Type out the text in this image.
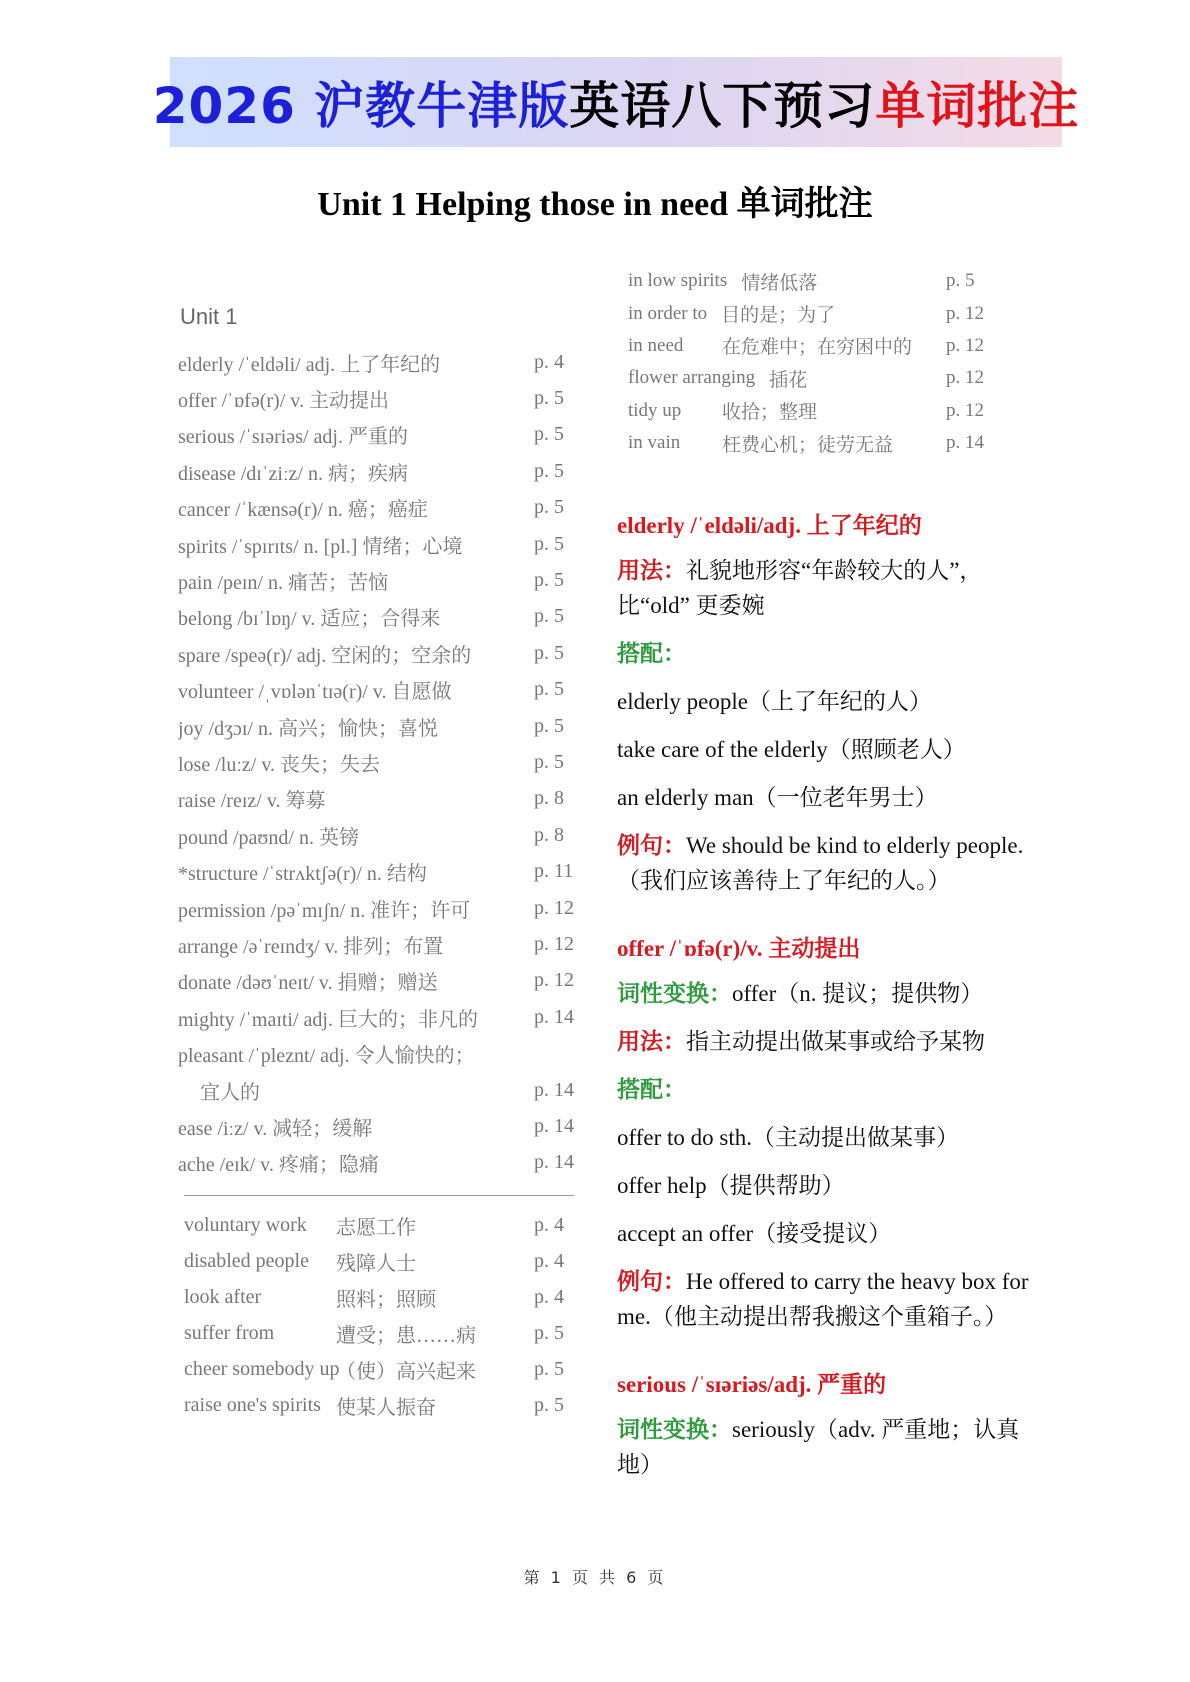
2026 沪教牛津版 英语八下预习 单词批注
Unit 1 Helping those in need 单词批注
Unit 1
elderly /ˈeldəli/ adj. 上了年纪的	p. 4
offer /ˈɒfə(r)/ v. 主动提出	p. 5
serious /ˈsɪəriəs/ adj. 严重的	p. 5
disease /dɪˈziːz/ n. 病；疾病	p. 5
cancer /ˈkænsə(r)/ n. 癌；癌症	p. 5
spirits /ˈspɪrɪts/ n. [pl.] 情绪；心境	p. 5
pain /peɪn/ n. 痛苦；苦恼	p. 5
belong /bɪˈlɒŋ/ v. 适应；合得来	p. 5
spare /speə(r)/ adj. 空闲的；空余的	p. 5
volunteer /ˌvɒlənˈtɪə(r)/ v. 自愿做	p. 5
joy /dʒɔɪ/ n. 高兴；愉快；喜悦	p. 5
lose /luːz/ v. 丧失；失去	p. 5
raise /reɪz/ v. 筹募	p. 8
pound /paʊnd/ n. 英镑	p. 8
*structure /ˈstrʌktʃə(r)/ n. 结构	p. 11
permission /pəˈmɪʃn/ n. 准许；许可	p. 12
arrange /əˈreɪndʒ/ v. 排列；布置	p. 12
donate /dəʊˈneɪt/ v. 捐赠；赠送	p. 12
mighty /ˈmaɪti/ adj. 巨大的；非凡的	p. 14
pleasant /ˈpleznt/ adj. 令人愉快的；
宜人的	p. 14
ease /iːz/ v. 减轻；缓解	p. 14
ache /eɪk/ v. 疼痛；隐痛	p. 14
voluntary work	志愿工作	p. 4
disabled people	残障人士	p. 4
look after	照料；照顾	p. 4
suffer from	遭受；患……病	p. 5
cheer somebody up
（使）高兴起来	p. 5
raise one's spirits 使某人振奋	p. 5
in low spirits 情绪低落	p. 5
in order to 目的是；为了	p. 12
in need	在危难中；在穷困中的	p. 12
flower arranging 插花	p. 12
tidy up	收拾；整理	p. 12
in vain	枉费心机；徒劳无益	p. 14
elderly /ˈeldəli/adj. 上了年纪的
用法：礼貌地形容“年龄较大的人”，比“old” 更委婉
搭配：
elderly people（上了年纪的人）
take care of the elderly（照顾老人）
an elderly man（一位老年男士）
例句：We should be kind to elderly people.（我们应该善待上了年纪的人。）
offer /ˈɒfə(r)/v. 主动提出
词性变换：offer（n. 提议；提供物）
用法：指主动提出做某事或给予某物
搭配：
offer to do sth.（主动提出做某事）
offer help（提供帮助）
accept an offer（接受提议）
例句：He offered to carry the heavy box for me.（他主动提出帮我搬这个重箱子。）
serious /ˈsɪəriəs/adj. 严重的
词性变换：seriously（adv. 严重地；认真地）
第 1 页 共 6 页
